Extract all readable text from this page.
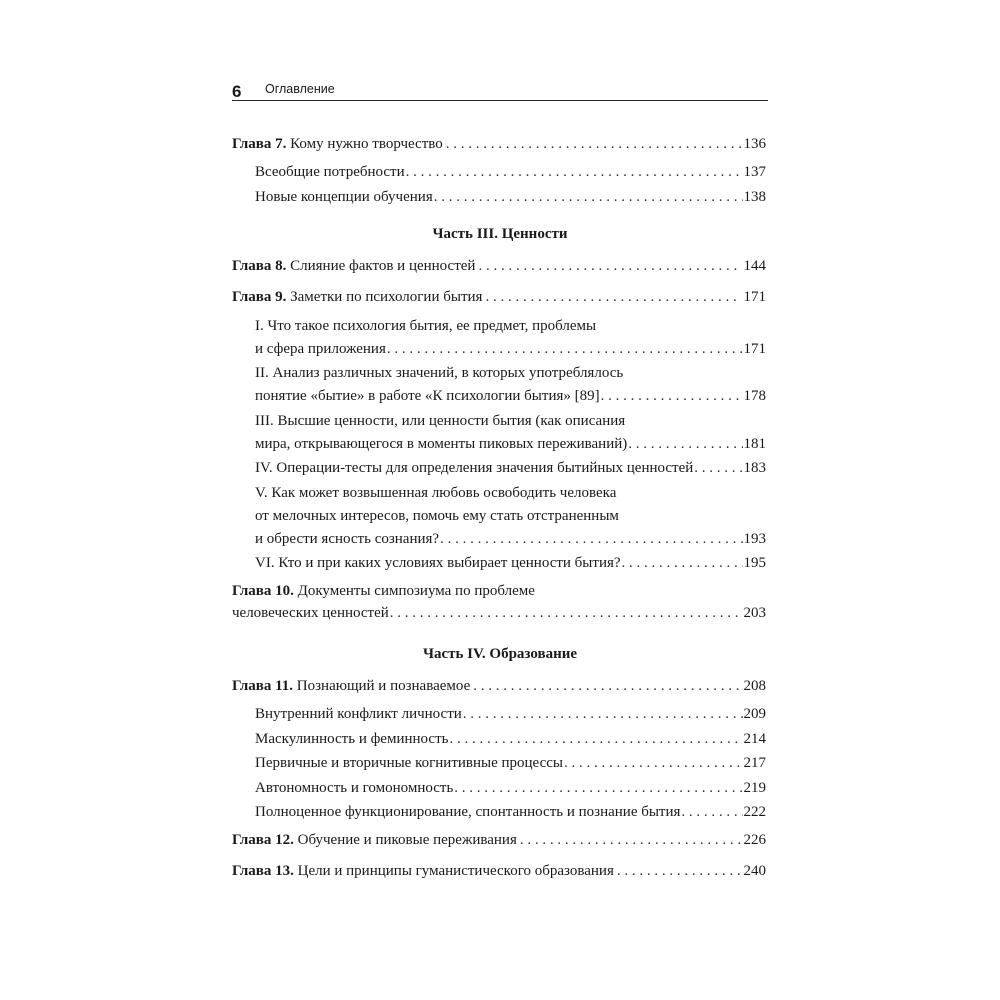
6 Оглавление
Глава 7. Кому нужно творчество . . .	136
Всеобщие потребности . . .	137
Новые концепции обучения . . .	138
Часть III. Ценности
Глава 8. Слияние фактов и ценностей . . .	144
Глава 9. Заметки по психологии бытия . . .	171
I. Что такое психология бытия, ее предмет, проблемы
и сфера приложения . . .	171
II. Анализ различных значений, в которых употреблялось
понятие «бытие» в работе «К психологии бытия» [89] . . .	178
III. Высшие ценности, или ценности бытия (как описания
мира, открывающегося в моменты пиковых переживаний) . . .	181
IV. Операции-тесты для определения значения бытийных ценностей . . .	183
V. Как может возвышенная любовь освободить человека
от мелочных интересов, помочь ему стать отстраненным
и обрести ясность сознания? . . .	193
VI. Кто и при каких условиях выбирает ценности бытия? . . .	195
Глава 10. Документы симпозиума по проблеме
человеческих ценностей . . .	203
Часть IV. Образование
Глава 11. Познающий и познаваемое . . .	208
Внутренний конфликт личности . . .	209
Маскулинность и феминность . . .	214
Первичные и вторичные когнитивные процессы . . .	217
Автономность и гомономность . . .	219
Полноценное функционирование, спонтанность и познание бытия . . .	222
Глава 12. Обучение и пиковые переживания . . .	226
Глава 13. Цели и принципы гуманистического образования . . .	240
